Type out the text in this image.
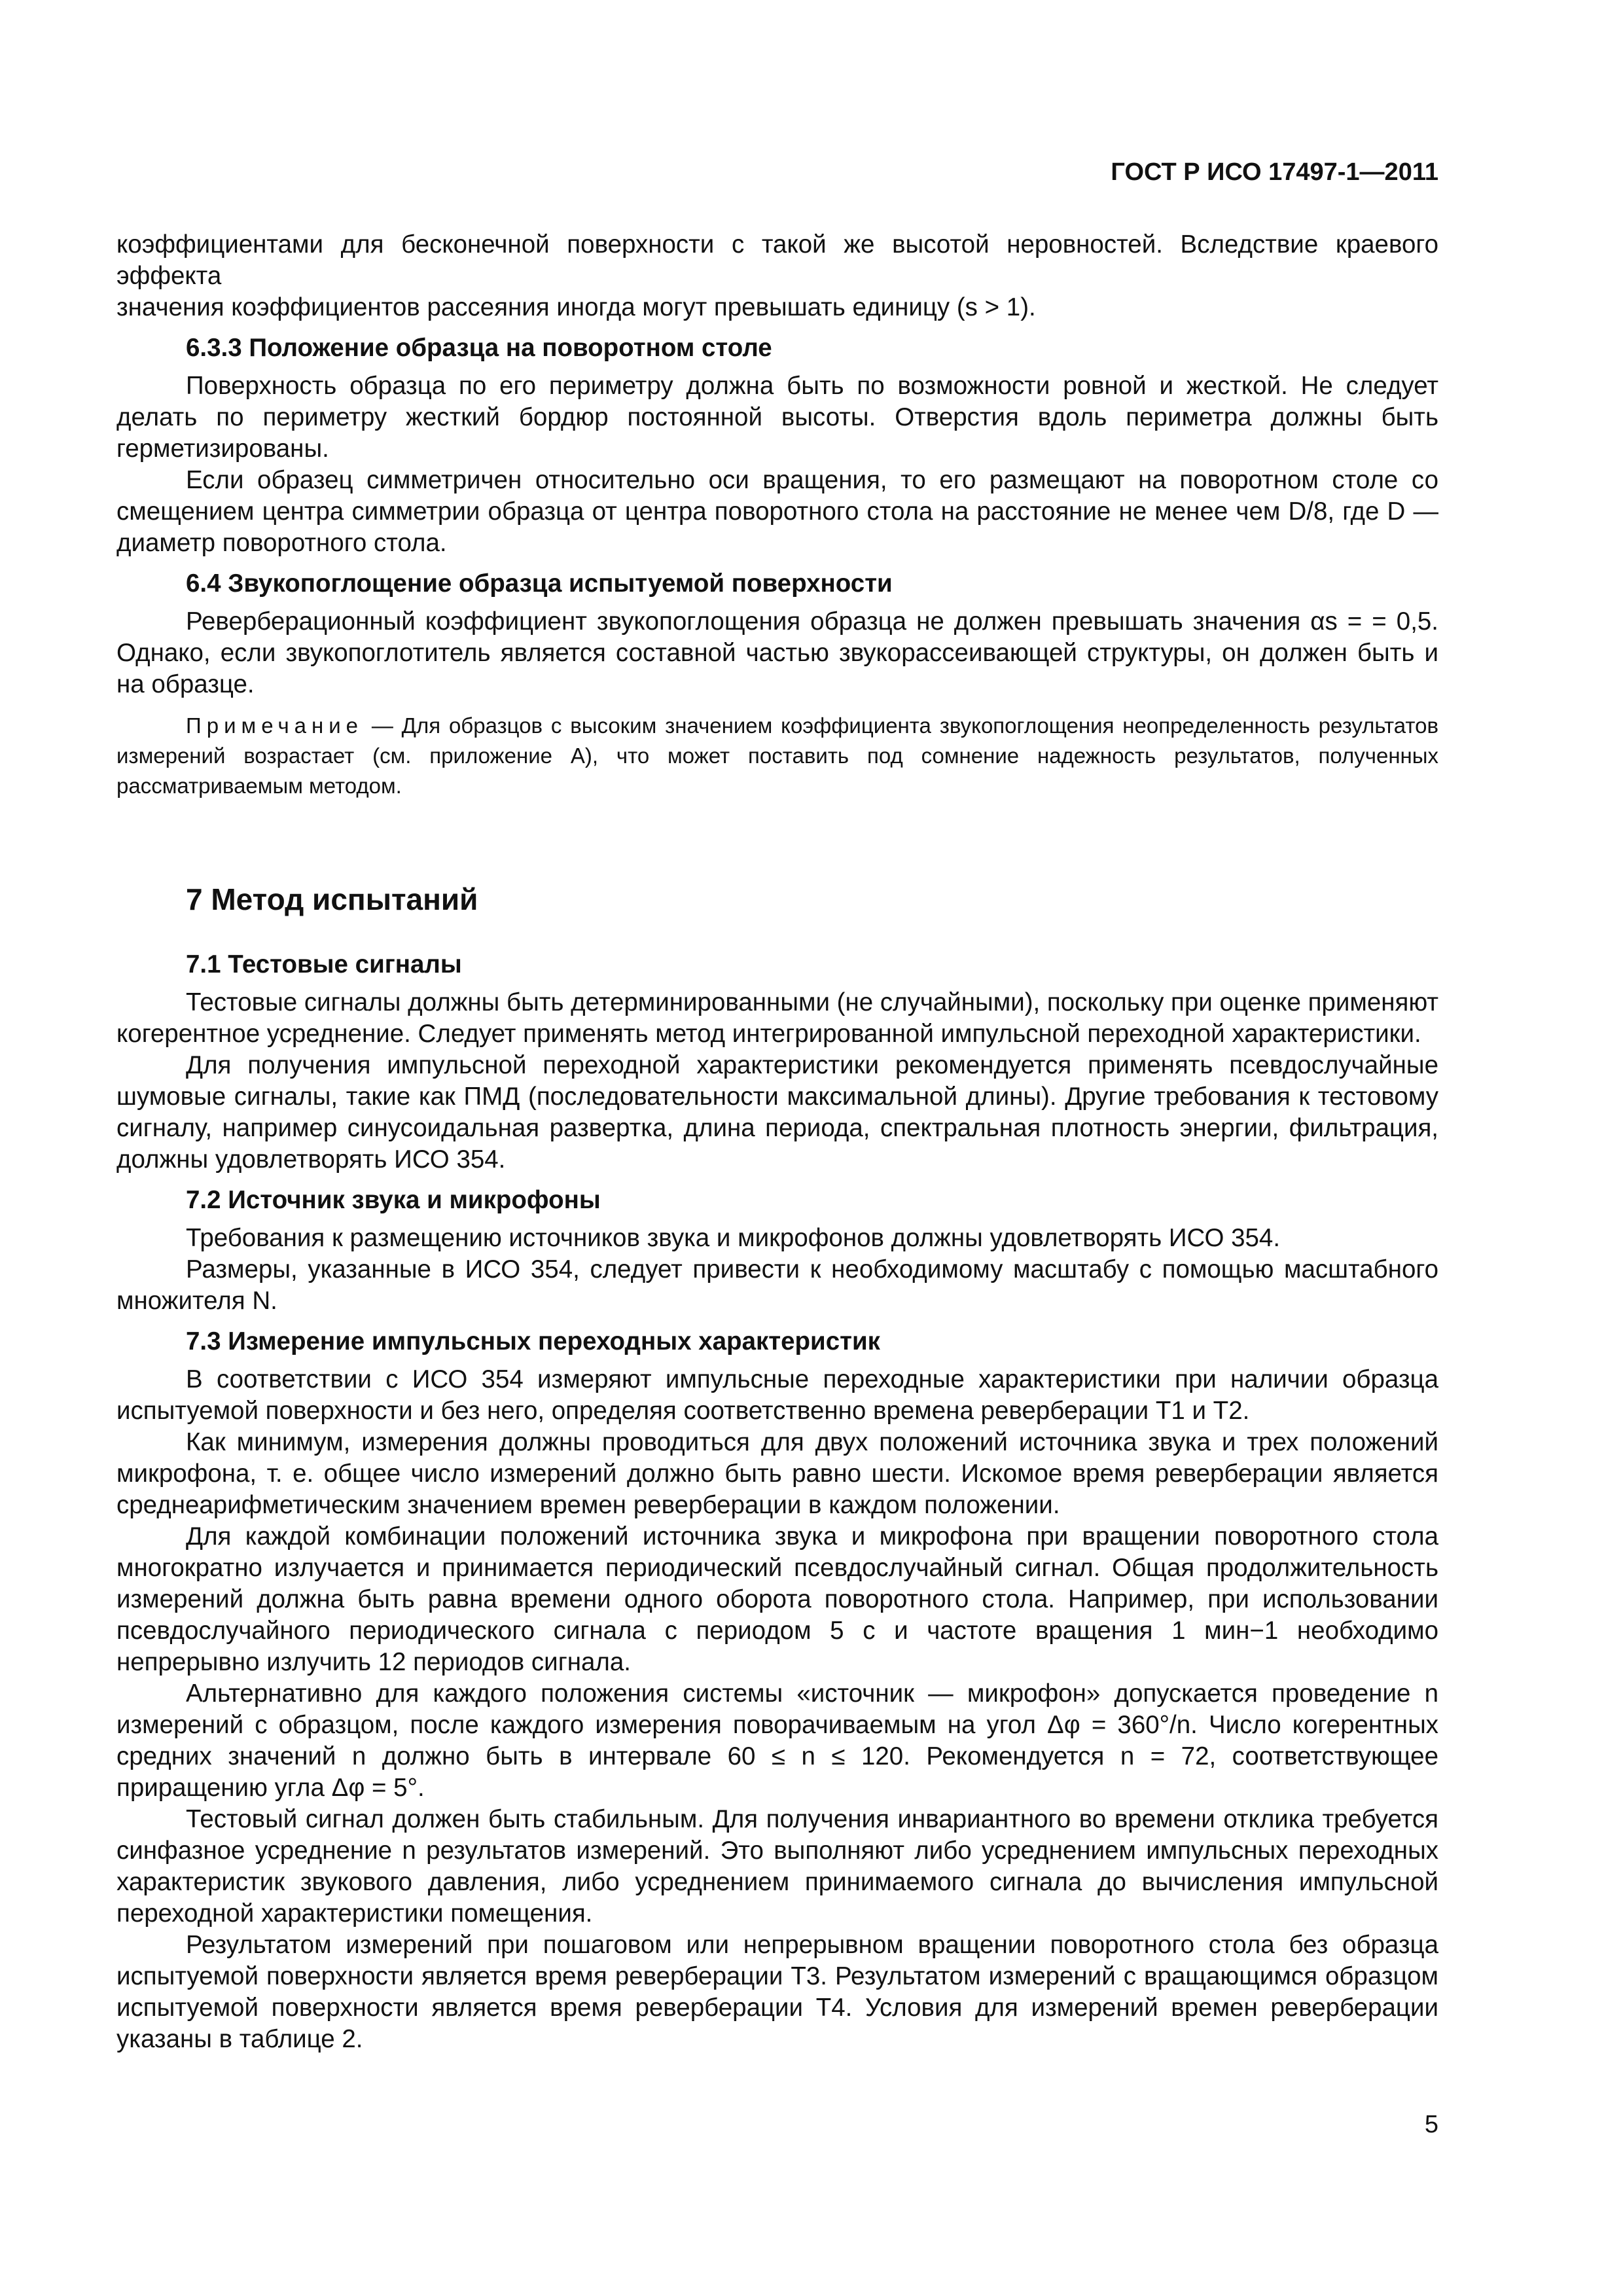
ГОСТ Р ИСО 17497-1—2011

коэффициентами для бесконечной поверхности с такой же высотой неровностей. Вследствие краевого эффекта

значения коэффициентов рассеяния иногда могут превышать единицу (s > 1).

6.3.3 Положение образца на поворотном столе

Поверхность образца по его периметру должна быть по возможности ровной и жесткой. Не следует делать по периметру жесткий бордюр постоянной высоты. Отверстия вдоль периметра должны быть герметизированы.

Если образец симметричен относительно оси вращения, то его размещают на поворотном столе со смещением центра симметрии образца от центра поворотного стола на расстояние не менее чем D/8, где D — диаметр поворотного стола.

6.4 Звукопоглощение образца испытуемой поверхности

Реверберационный коэффициент звукопоглощения образца не должен превышать значения αs = = 0,5. Однако, если звукопоглотитель является составной частью звукорассеивающей структуры, он должен быть и на образце.

Примечание — Для образцов с высоким значением коэффициента звукопоглощения неопределенность результатов измерений возрастает (см. приложение А), что может поставить под сомнение надежность результатов, полученных рассматриваемым методом.

7 Метод испытаний
7.1 Тестовые сигналы

Тестовые сигналы должны быть детерминированными (не случайными), поскольку при оценке применяют когерентное усреднение. Следует применять метод интегрированной импульсной переходной характеристики.

Для получения импульсной переходной характеристики рекомендуется применять псевдослучайные шумовые сигналы, такие как ПМД (последовательности максимальной длины). Другие требования к тестовому сигналу, например синусоидальная развертка, длина периода, спектральная плотность энергии, фильтрация, должны удовлетворять ИСО 354.

7.2 Источник звука и микрофоны

Требования к размещению источников звука и микрофонов должны удовлетворять ИСО 354.

Размеры, указанные в ИСО 354, следует привести к необходимому масштабу с помощью масштабного множителя N.

7.3 Измерение импульсных переходных характеристик

В соответствии с ИСО 354 измеряют импульсные переходные характеристики при наличии образца испытуемой поверхности и без него, определяя соответственно времена реверберации T1 и T2.

Как минимум, измерения должны проводиться для двух положений источника звука и трех положений микрофона, т. е. общее число измерений должно быть равно шести. Искомое время реверберации является среднеарифметическим значением времен реверберации в каждом положении.

Для каждой комбинации положений источника звука и микрофона при вращении поворотного стола многократно излучается и принимается периодический псевдослучайный сигнал. Общая продолжительность измерений должна быть равна времени одного оборота поворотного стола. Например, при использовании псевдослучайного периодического сигнала с периодом 5 с и частоте вращения 1 мин−1 необходимо непрерывно излучить 12 периодов сигнала.

Альтернативно для каждого положения системы «источник — микрофон» допускается проведение n измерений с образцом, после каждого измерения поворачиваемым на угол Δφ = 360°/n. Число когерентных средних значений n должно быть в интервале 60 ≤ n ≤ 120. Рекомендуется n = 72, соответствующее приращению угла Δφ = 5°.

Тестовый сигнал должен быть стабильным. Для получения инвариантного во времени отклика требуется синфазное усреднение n результатов измерений. Это выполняют либо усреднением импульсных переходных характеристик звукового давления, либо усреднением принимаемого сигнала до вычисления импульсной переходной характеристики помещения.

Результатом измерений при пошаговом или непрерывном вращении поворотного стола без образца испытуемой поверхности является время реверберации T3. Результатом измерений с вращающимся образцом испытуемой поверхности является время реверберации T4. Условия для измерений времен реверберации указаны в таблице 2.

5
